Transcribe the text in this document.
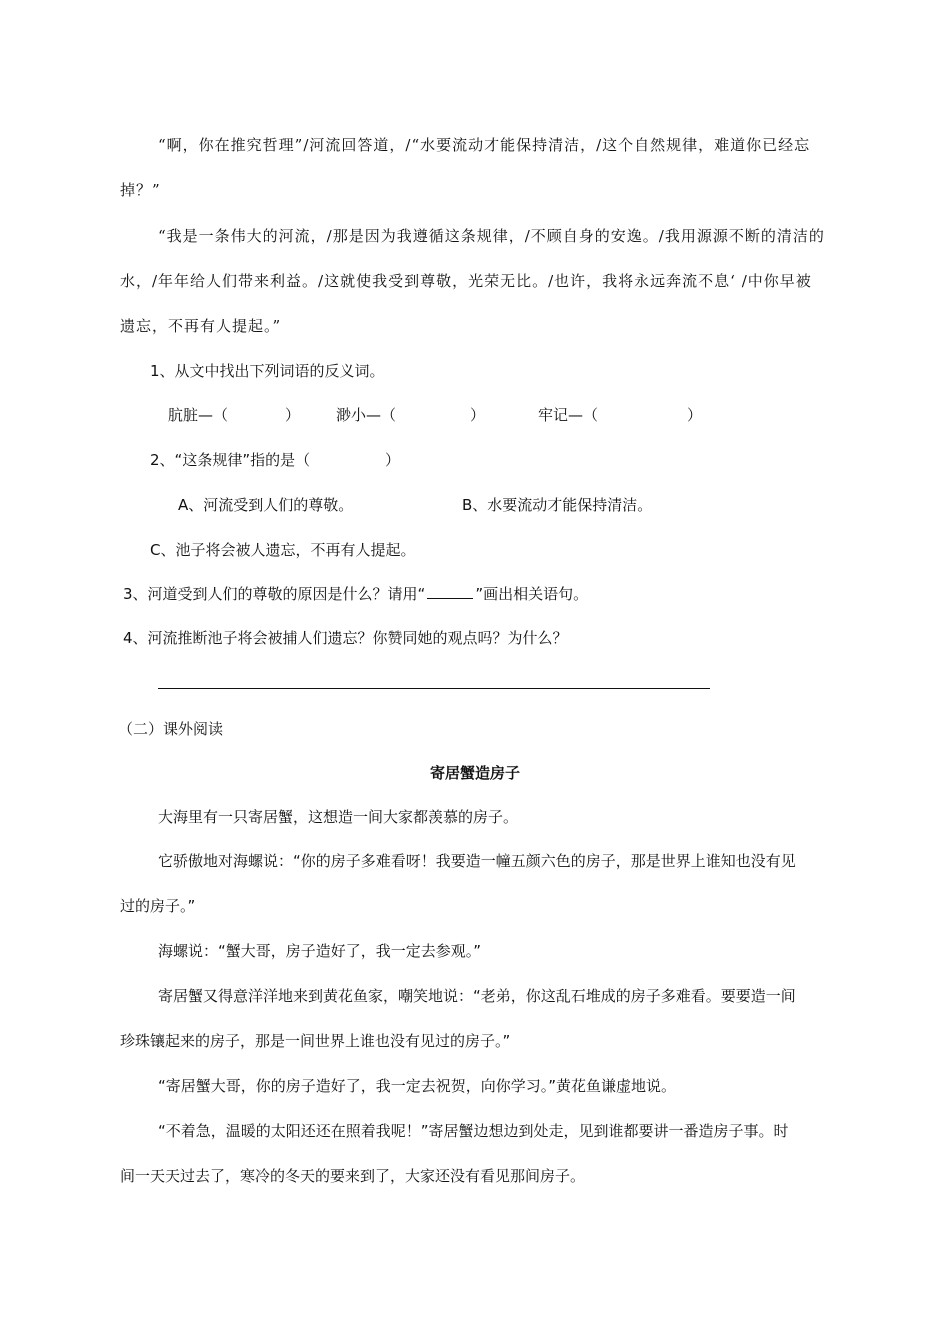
“啊，你在推究哲理”/河流回答道，/“水要流动才能保持清洁，/这个自然规律，难道你已经忘
掉？”
“我是一条伟大的河流，/那是因为我遵循这条规律，/不顾自身的安逸。/我用源源不断的清洁的
水，/年年给人们带来利益。/这就使我受到尊敬，光荣无比。/也许，我将永远奔流不息‘ /中你早被
遗忘，不再有人提起。”
1、从文中找出下列词语的反义词。
肮脏—（	） 渺小—（	）	牢记—（	）
2、“这条规律”指的是（	）
A、河流受到人们的尊敬。	B、水要流动才能保持清洁。
C、池子将会被人遗忘，不再有人提起。
3、河道受到人们的尊敬的原因是什么？请用“	”画出相关语句。
4、河流推断池子将会被捕人们遗忘？你赞同她的观点吗？为什么？
（二）课外阅读
寄居蟹造房子
大海里有一只寄居蟹，这想造一间大家都羡慕的房子。
它骄傲地对海螺说：“你的房子多难看呀！我要造一幢五颜六色的房子，那是世界上谁知也没有见
过的房子。”
海螺说：“蟹大哥，房子造好了，我一定去参观。”
寄居蟹又得意洋洋地来到黄花鱼家，嘲笑地说：“老弟，你这乱石堆成的房子多难看。要要造一间
珍珠镶起来的房子，那是一间世界上谁也没有见过的房子。”
“寄居蟹大哥，你的房子造好了，我一定去祝贺，向你学习。”黄花鱼谦虚地说。
“不着急，温暖的太阳还还在照着我呢！”寄居蟹边想边到处走，见到谁都要讲一番造房子事。时
间一天天过去了，寒冷的冬天的要来到了，大家还没有看见那间房子。
